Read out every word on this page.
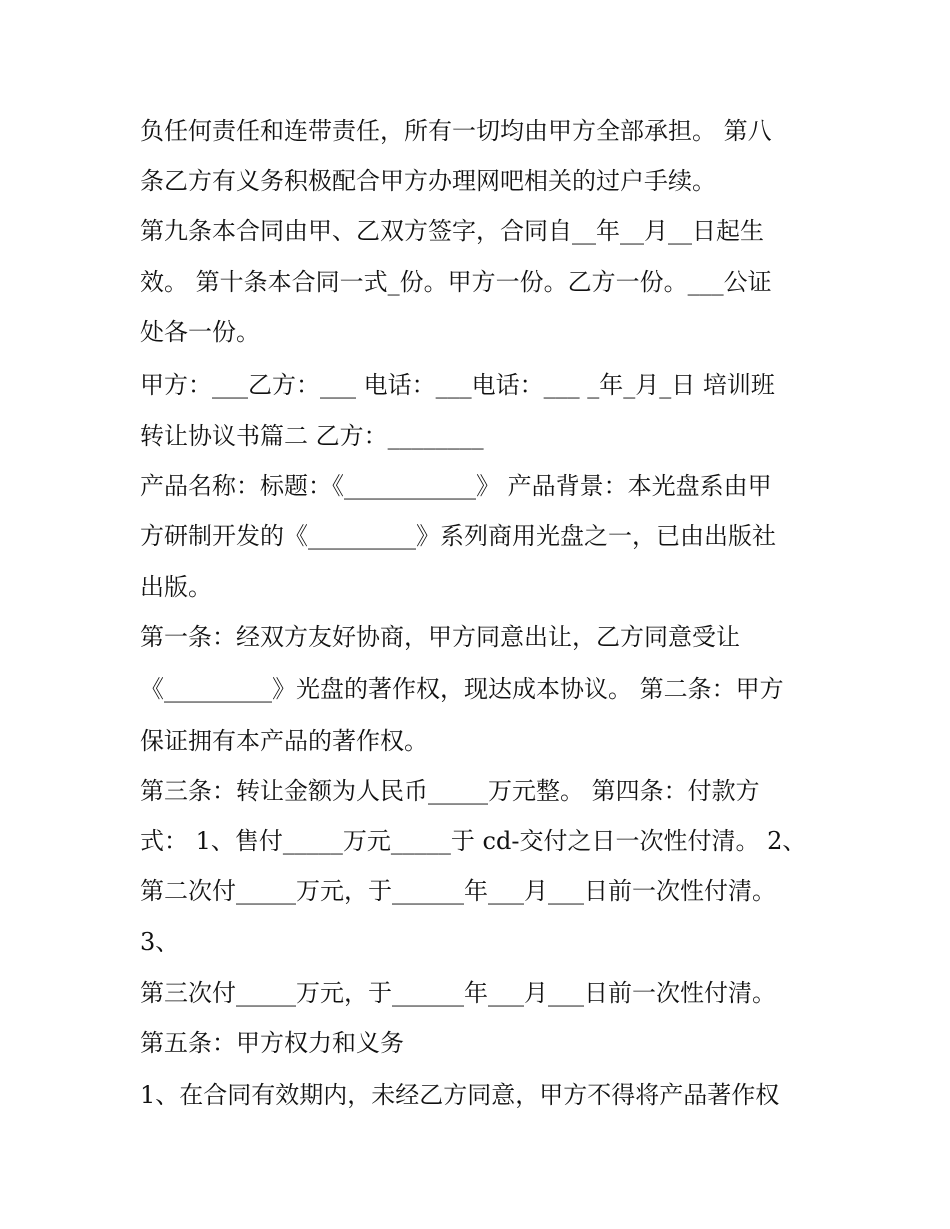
负任何责任和连带责任，所有一切均由甲方全部承担。 第八
条乙方有义务积极配合甲方办理网吧相关的过户手续。
第九条本合同由甲、乙双方签字，合同自__年__月__日起生
效。 第十条本合同一式_份。甲方一份。乙方一份。___公证
处各一份。
甲方：___乙方：___ 电话：___电话：___ _年_月_日 培训班
转让协议书篇二 乙方：________
产品名称：标题：《___________》 产品背景：本光盘系由甲
方研制开发的《_________》系列商用光盘之一，已由出版社
出版。
第一条：经双方友好协商，甲方同意出让，乙方同意受让
《_________》光盘的著作权，现达成本协议。 第二条：甲方
保证拥有本产品的著作权。
第三条：转让金额为人民币_____万元整。 第四条：付款方
式： 1、售付_____万元_____于 cd-交付之日一次性付清。 2、
第二次付_____万元，于______年___月___日前一次性付清。
3、
第三次付_____万元，于______年___月___日前一次性付清。
第五条：甲方权力和义务
1、在合同有效期内，未经乙方同意，甲方不得将产品著作权
